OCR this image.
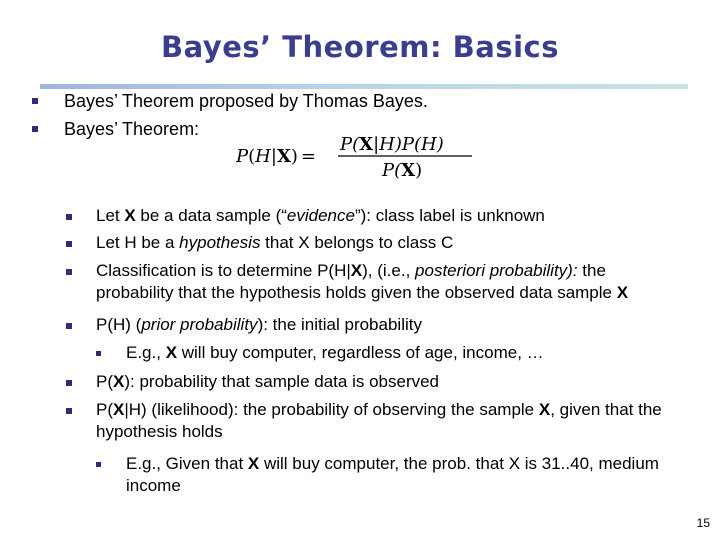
Bayes’ Theorem: Basics
Bayes’ Theorem proposed by Thomas Bayes.
Bayes’ Theorem:
P(H|X) =
P(X|H)P(H)
P(X)
Let X be a data sample (“evidence”): class label is unknown
Let H be a hypothesis that X belongs to class C
Classification is to determine P(H|X), (i.e., posteriori probability): the probability that the hypothesis holds given the observed data sample X
P(H) (prior probability): the initial probability
E.g., X will buy computer, regardless of age, income, …
P(X): probability that sample data is observed
P(X|H) (likelihood): the probability of observing the sample X, given that the hypothesis holds
E.g., Given that X will buy computer, the prob. that X is 31..40, medium income
15
